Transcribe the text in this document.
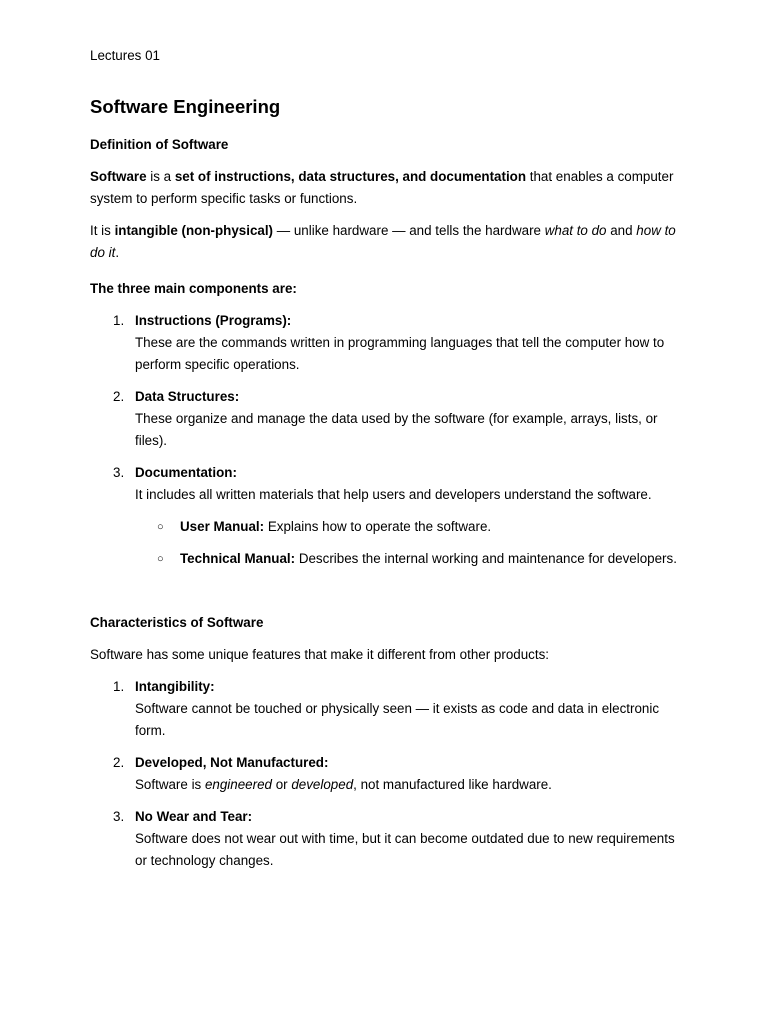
Lectures 01
Software Engineering
Definition of Software

Software is a set of instructions, data structures, and documentation that enables a computer system to perform specific tasks or functions.

It is intangible (non-physical) — unlike hardware — and tells the hardware what to do and how to do it.

The three main components are:
1. Instructions (Programs):
These are the commands written in programming languages that tell the computer how to perform specific operations.
2. Data Structures:
These organize and manage the data used by the software (for example, arrays, lists, or files).
3. Documentation:
It includes all written materials that help users and developers understand the software.
○ User Manual: Explains how to operate the software.
○ Technical Manual: Describes the internal working and maintenance for developers.
Characteristics of Software

Software has some unique features that make it different from other products:

1. Intangibility:
Software cannot be touched or physically seen — it exists as code and data in electronic form.
2. Developed, Not Manufactured:
Software is engineered or developed, not manufactured like hardware.
3. No Wear and Tear:
Software does not wear out with time, but it can become outdated due to new requirements or technology changes.
